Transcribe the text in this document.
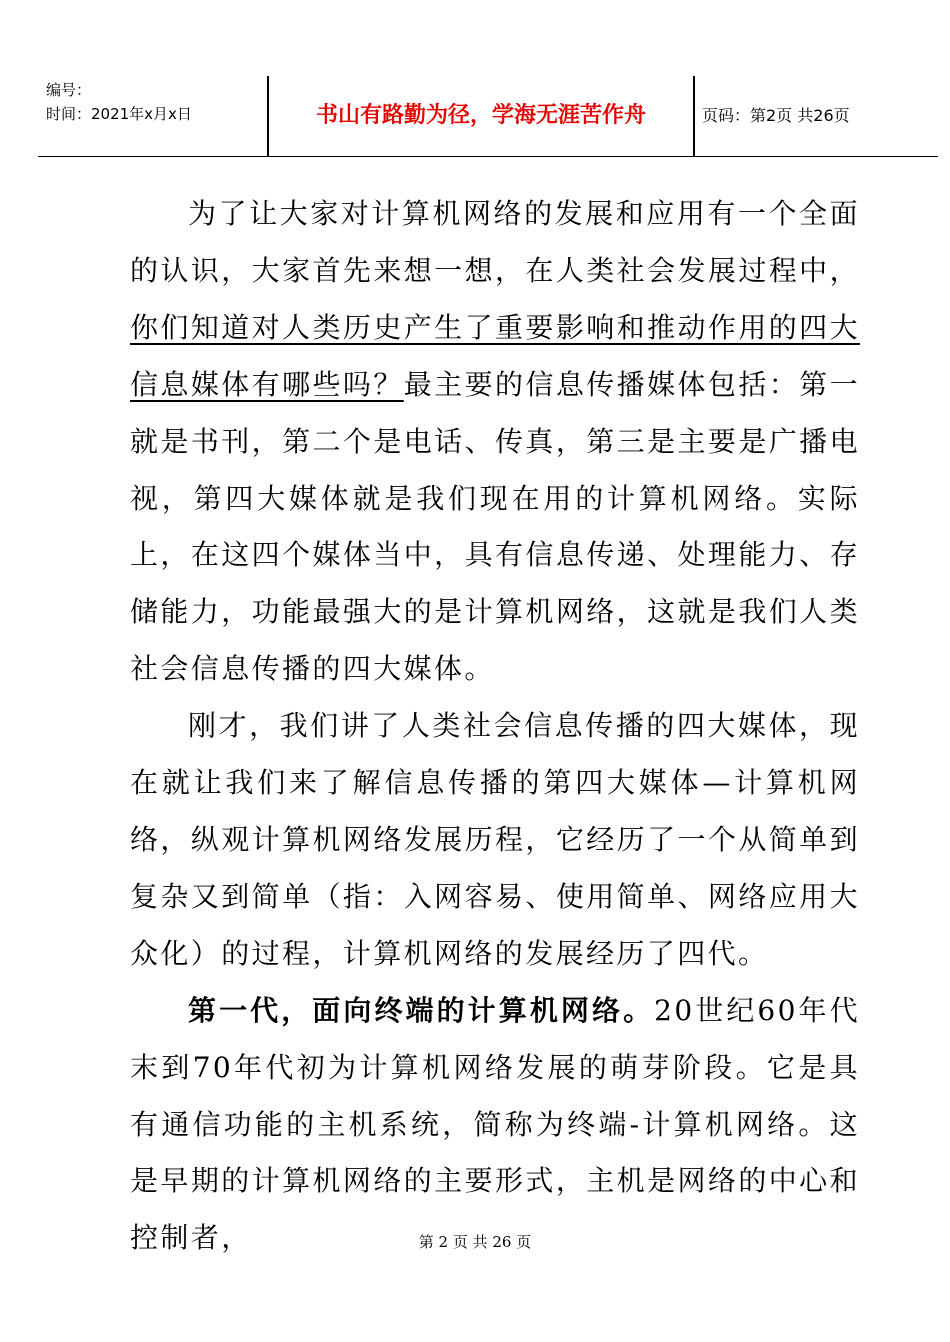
编号：
时间：2021年x月x日	书山有路勤为径，学海无涯苦作舟	页码：第2页 共26页

为了让大家对计算机网络的发展和应用有一个全面的认识，大家首先来想一想，在人类社会发展过程中，你们知道对人类历史产生了重要影响和推动作用的四大信息媒体有哪些吗？最主要的信息传播媒体包括：第一就是书刊，第二个是电话、传真，第三是主要是广播电视，第四大媒体就是我们现在用的计算机网络。实际上，在这四个媒体当中，具有信息传递、处理能力、存储能力，功能最强大的是计算机网络，这就是我们人类社会信息传播的四大媒体。

刚才，我们讲了人类社会信息传播的四大媒体，现在就让我们来了解信息传播的第四大媒体—计算机网络，纵观计算机网络发展历程，它经历了一个从简单到复杂又到简单（指：入网容易、使用简单、网络应用大众化）的过程，计算机网络的发展经历了四代。

第一代，面向终端的计算机网络。20世纪60年代末到70年代初为计算机网络发展的萌芽阶段。它是具有通信功能的主机系统，简称为终端-计算机网络。这是早期的计算机网络的主要形式，主机是网络的中心和控制者，	第 2 页 共 26 页
